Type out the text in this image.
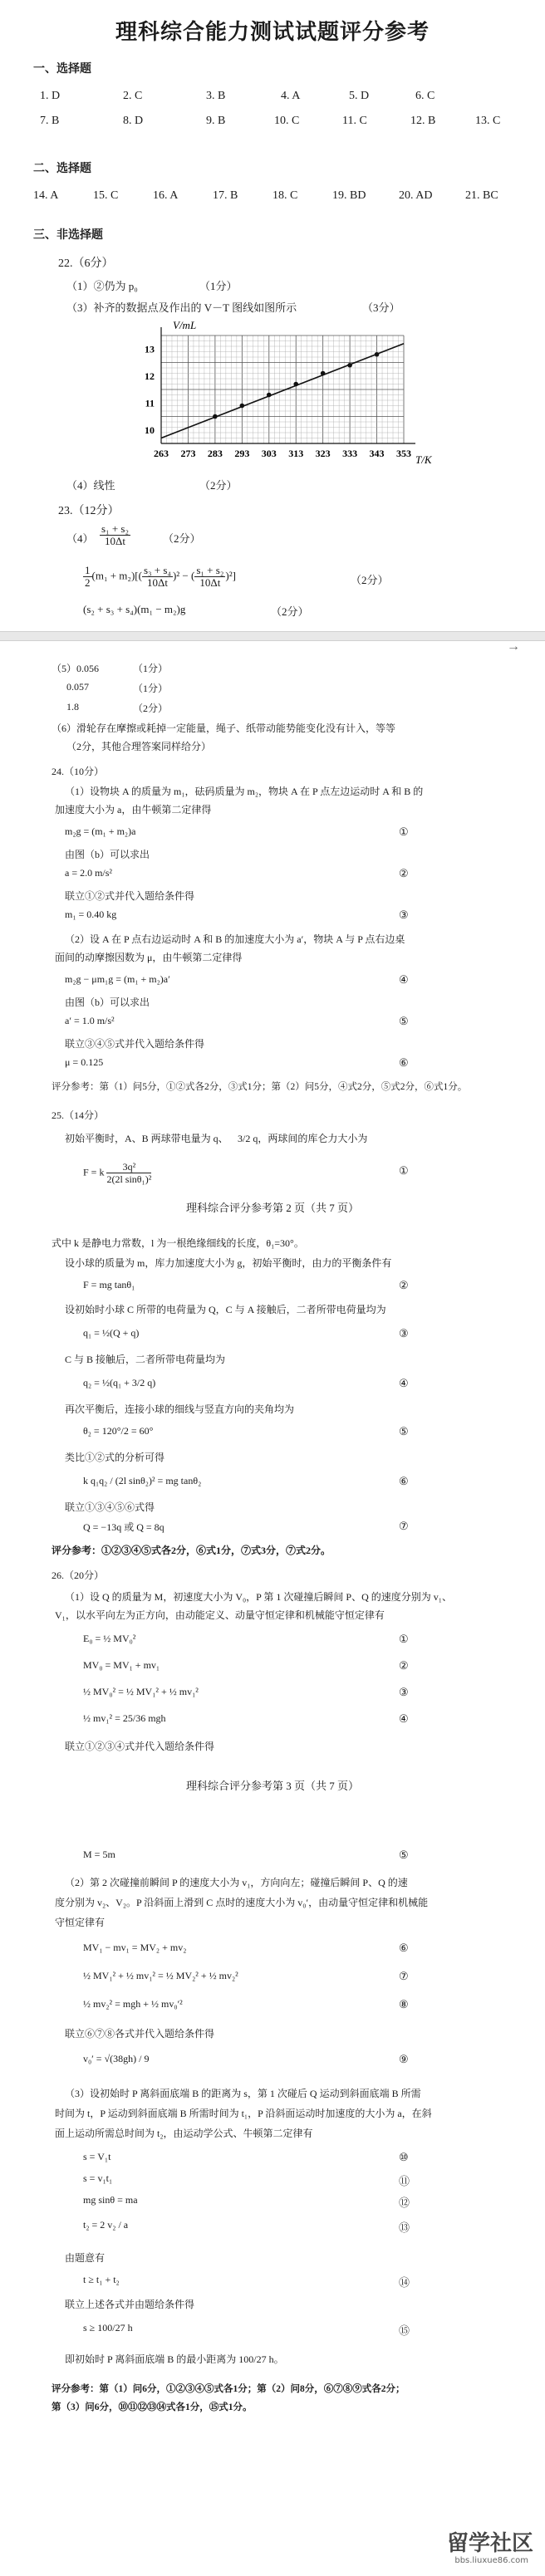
理科综合能力测试试题评分参考
一、选择题
1. D	2. C	3. B	4. A	5. D	6. C
7. B	8. D	9. B	10. C	11. C	12. B	13. C
二、选择题
14. A	15. C	16. A	17. B	18. C	19. BD	20. AD	21. BC
三、非选择题
22.（6分）
（1）②仍为 p₀	（1分）
（3）补齐的数据点及作出的 V－T 图线如图所示	（3分）
263 273 283 293 303 313 323 333 343 353
10
11
12
13
V/mL
T/K
（4）线性	（2分）
23.（12分）
$(4) \frac{\text{s₁ + s₂}}{10\Delta t}$	（2分）
$\frac{1}{2} (m_1 + m_2)[( \frac{\text{s₃ + s₄}}{10\Delta t} )^2$ − ( $\frac{\text{s₁ + s₂}}{10\Delta t} )^2$]	（2分）
(s₂ + s₃ + s₄)(m₁ − m₂)g	（2分）
→
（5）0.056	（1分）
0.057	（1分）
1.8	（2分）
（6）滑轮存在摩擦或耗掉一定能量，绳子、纸带动能势能变化没有计入，等等
（2分，其他合理答案同样给分）
24.（10分）
（1）设物块 A 的质量为 m₁，砝码质量为 m₂，物块 A 在 P 点左边运动时 A 和 B 的
加速度大小为 a，由牛顿第二定律得
m₂g = (m₁ + m₂)a	①
由图（b）可以求出
a = 2.0 m/s²	②
联立①②式并代入题给条件得
m₁ = 0.40 kg	③
（2）设 A 在 P 点右边运动时 A 和 B 的加速度大小为 a′，物块 A 与 P 点右边桌
面间的动摩擦因数为 μ，由牛顿第二定律得
m₂g − μm₁g = (m₁ + m₂)a′	④
由图（b）可以求出
a′ = 1.0 m/s²	⑤
联立③④⑤式并代入题给条件得
μ = 0.125	⑥
评分参考：第（1）问5分，①②式各2分，③式1分；第（2）问5分，④式2分，⑤式2分，⑥式1分。
25.（14分）
初始平衡时，A、B 两球带电量为 q、 3/2 q，两球间的库仑力大小为
F = k $\frac{\text{3q²}}{\text{2(2l sinθ₁)²}}$	①
理科综合评分参考第 2 页（共 7 页）
式中 k 是静电力常数，l 为一根绝缘细线的长度，θ₁=30°。
设小球的质量为 m，库力加速度大小为 g，初始平衡时，由力的平衡条件有
F = mg tanθ₁	②
设初始时小球 C 所带的电荷量为 Q，C 与 A 接触后，二者所带电荷量均为
q₁ = ½(Q + q)	③
C 与 B 接触后，二者所带电荷量均为
q₂ = ½(q₁ + 3/2 q)	④
再次平衡后，连接小球的细线与竖直方向的夹角均为
θ₂ = 120°/2 = 60°	⑤
类比①②式的分析可得
k q₁q₂ / (2l sinθ₂)² = mg tanθ₂	⑥
联立①③④⑤⑥式得
Q = −13q 或 Q = 8q	⑦
评分参考：①②③④⑤式各2分，⑥式1分，⑦式3分，⑦式2分。
26.（20分）
（1）设 Q 的质量为 M，初速度大小为 V₀，P 第 1 次碰撞后瞬间 P、Q 的速度分别为 v₁、
V₁，以水平向左为正方向，由动能定义、动量守恒定律和机械能守恒定律有
E₀ = ½ MV₀²	①
MV₀ = MV₁ + mv₁	②
½ MV₀² = ½ MV₁² + ½ mv₁²	③
½ mv₁² = 25/36 mgh	④
联立①②③④式并代入题给条件得
理科综合评分参考第 3 页（共 7 页）
M = 5m	⑤
（2）第 2 次碰撞前瞬间 P 的速度大小为 v₁，方向向左；碰撞后瞬间 P、Q 的速
度分别为 v₂、V₂。P 沿斜面上滑到 C 点时的速度大小为 v₀′，由动量守恒定律和机械能
守恒定律有
MV₁ − mv₁ = MV₂ + mv₂	⑥
½ MV₁² + ½ mv₁² = ½ MV₂² + ½ mv₂²	⑦
½ mv₂² = mgh + ½ mv₀′²	⑧
联立⑥⑦⑧各式并代入题给条件得
v₀′ = √(38gh) / 9	⑨
（3）设初始时 P 离斜面底端 B 的距离为 s，第 1 次碰后 Q 运动到斜面底端 B 所需
时间为 t，P 运动到斜面底端 B 所需时间为 t₁，P 沿斜面运动时加速度的大小为 a，在斜
面上运动所需总时间为 t₂，由运动学公式、牛顿第二定律有
s = V₁t	⑩
s = v₁t₁	⑪
mg sinθ = ma	⑫
t₂ = 2 v₂ / a	⑬
由题意有
t ≥ t₁ + t₂	⑭
联立上述各式并由题给条件得
s ≥ 100/27 h	⑮
即初始时 P 离斜面底端 B 的最小距离为 100/27 h。
评分参考：第（1）问6分，①②③④⑤式各1分；第（2）问8分，⑥⑦⑧⑨式各2分；
第（3）问6分，⑩⑪⑫⑬⑭式各1分，⑮式1分。
留学社区
bbs.liuxue86.com
